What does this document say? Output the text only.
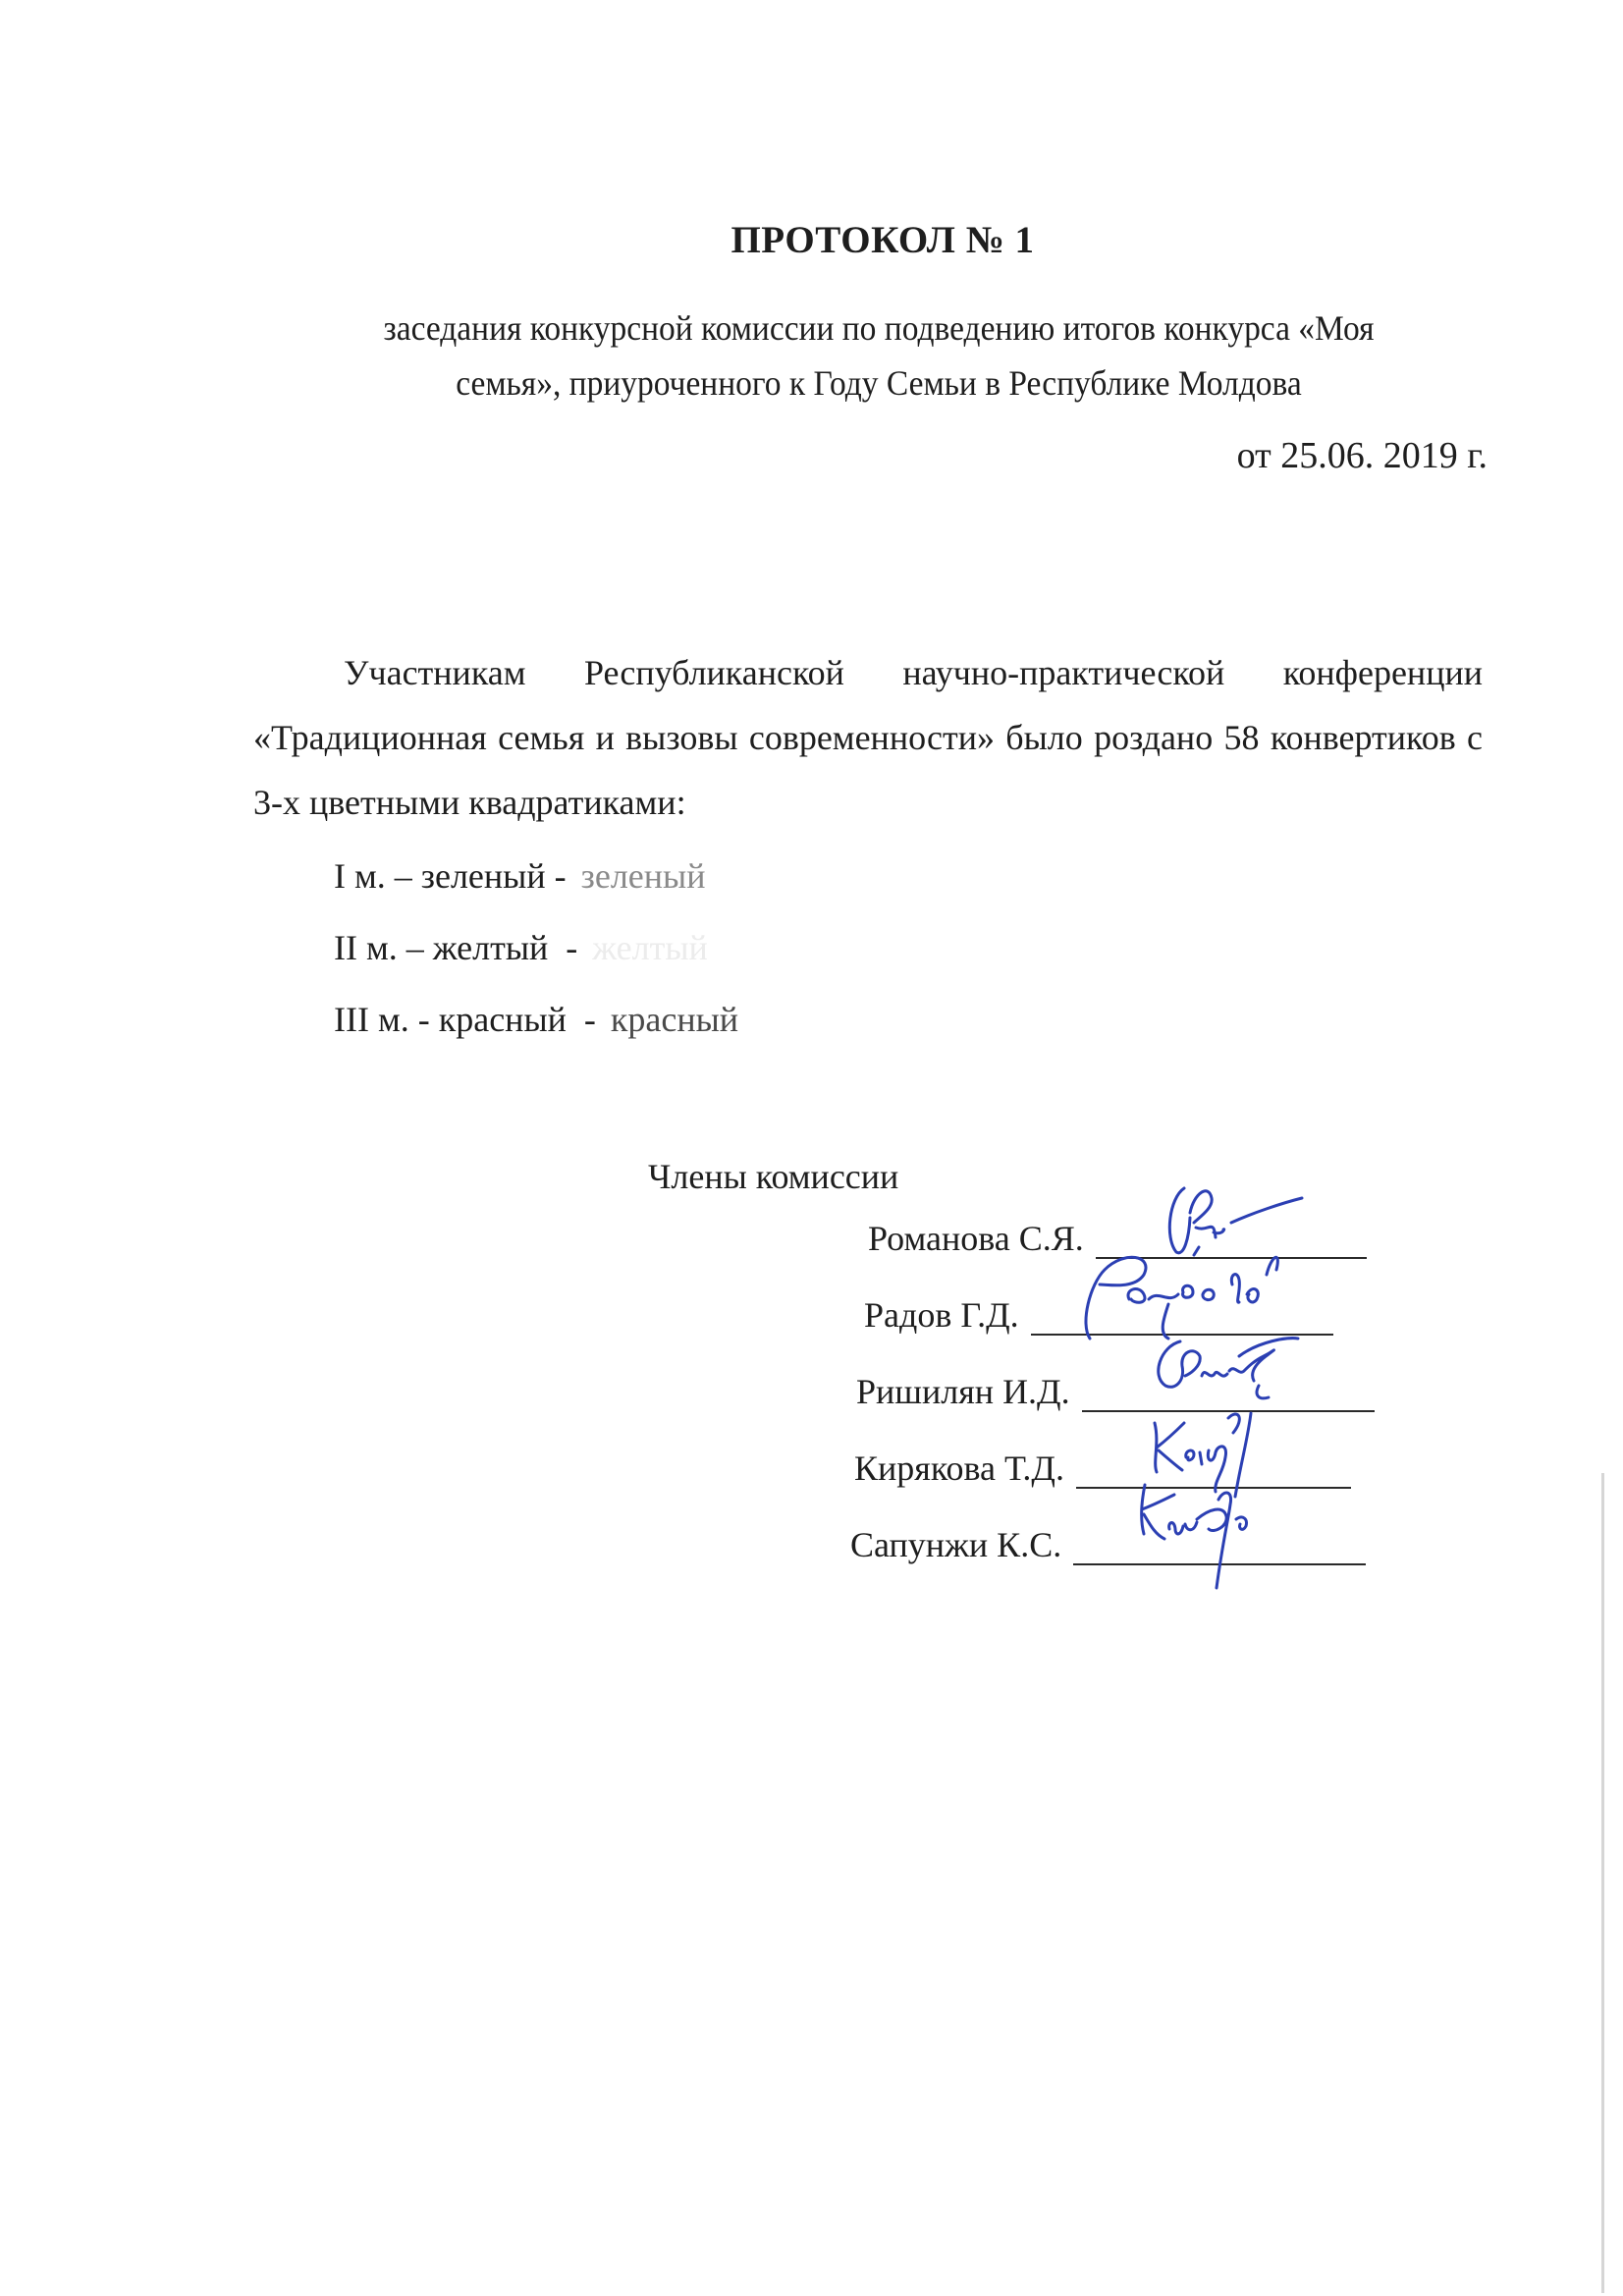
ПРОТОКОЛ № 1
заседания конкурсной комиссии по подведению итогов конкурса «Моя
семья», приуроченного к Году Семьи в Республике Молдова
от 25.06. 2019 г.
Участникам Республиканской научно-практической конференции «Традиционная семья и вызовы современности» было роздано 58 конвертиков с 3-х цветными квадратиками:
I м. – зеленый - зеленый
II м. – желтый  - желтый
III м. - красный  - красный
Члены комиссии
Романова С.Я.
Радов Г.Д.
Ришилян И.Д.
Кирякова Т.Д.
Сапунжи К.С.
